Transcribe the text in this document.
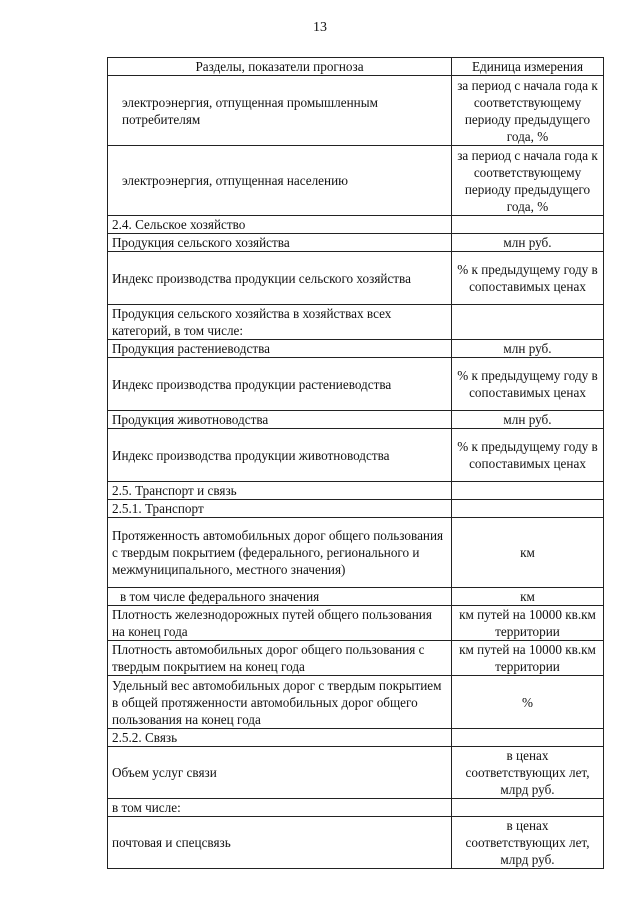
13
Разделы, показатели прогноза	Единица измерения
электроэнергия, отпущенная промышленным потребителям	за период с начала года к соответствующему периоду предыдущего года, %
электроэнергия, отпущенная населению	за период с начала года к соответствующему периоду предыдущего года, %
2.4. Сельское хозяйство	
Продукция сельского хозяйства	млн руб.
Индекс производства продукции сельского хозяйства	% к предыдущему году в сопоставимых ценах
Продукция сельского хозяйства в хозяйствах всех категорий, в том числе:	
Продукция растениеводства	млн руб.
Индекс производства продукции растениеводства	% к предыдущему году в сопоставимых ценах
Продукция животноводства	млн руб.
Индекс производства продукции животноводства	% к предыдущему году в сопоставимых ценах
2.5. Транспорт и связь	
2.5.1. Транспорт	
Протяженность автомобильных дорог общего пользования с твердым покрытием (федерального, регионального и межмуниципального, местного значения)	км
в том числе федерального значения	км
Плотность железнодорожных путей общего пользования на конец года	км путей на 10000 кв.км территории
Плотность автомобильных дорог общего пользования с твердым покрытием на конец года	км путей на 10000 кв.км территории
Удельный вес автомобильных дорог с твердым покрытием в общей протяженности автомобильных дорог общего пользования на конец года	%
2.5.2. Связь	
Объем услуг связи	в ценах соответствующих лет, млрд руб.
в том числе:	
почтовая и спецсвязь	в ценах соответствующих лет, млрд руб.
